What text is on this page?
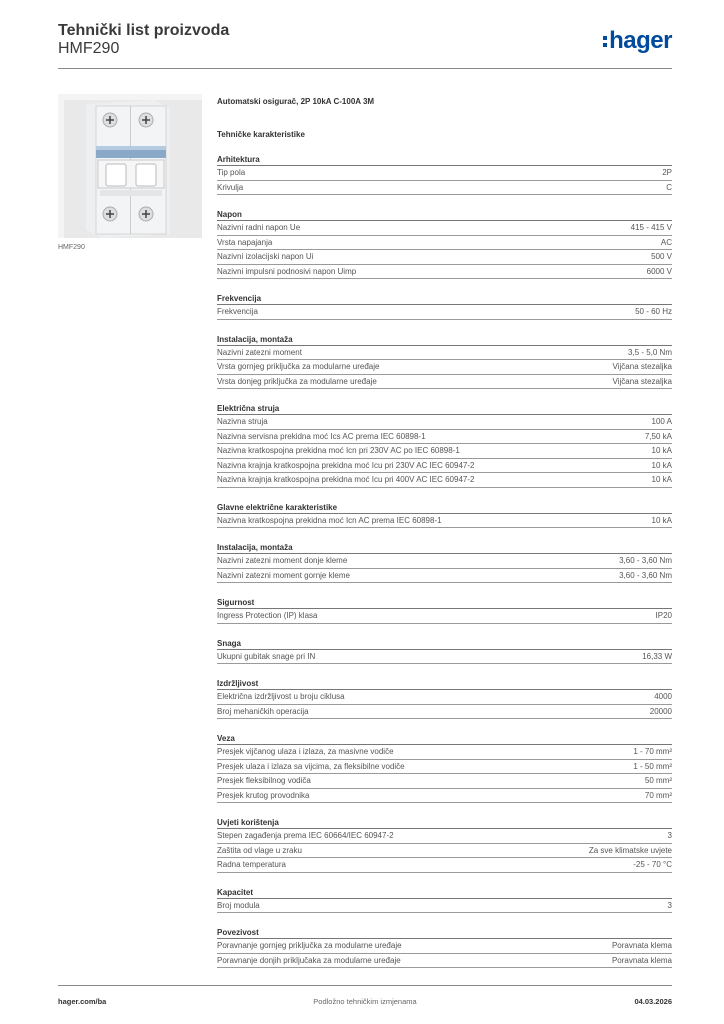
Tehnički list proizvoda
HMF290	hager
HMF290
Automatski osigurač, 2P 10kA C-100A 3M
Tehničke karakteristike
Arhitektura
Tip pola	2P
Krivulja	C
Napon
Nazivni radni napon Ue	415 - 415 V
Vrsta napajanja	AC
Nazivni izolacijski napon Ui	500 V
Nazivni impulsni podnosivi napon Uimp	6000 V
Frekvencija
Frekvencija	50 - 60 Hz
Instalacija, montaža
Nazivni zatezni moment	3,5 - 5,0 Nm
Vrsta gornjeg priključka za modularne uređaje	Vijčana stezaljka
Vrsta donjeg priključka za modularne uređaje	Vijčana stezaljka
Električna struja
Nazivna struja	100 A
Nazivna servisna prekidna moć Ics AC prema IEC 60898-1	7,50 kA
Nazivna kratkospojna prekidna moć Icn pri 230V AC po IEC 60898-1	10 kA
Nazivna krajnja kratkospojna prekidna moć Icu pri 230V AC IEC 60947-2	10 kA
Nazivna krajnja kratkospojna prekidna moć Icu pri 400V AC IEC 60947-2	10 kA
Glavne električne karakteristike
Nazivna kratkospojna prekidna moć Icn AC prema IEC 60898-1	10 kA
Instalacija, montaža
Nazivni zatezni moment donje kleme	3,60 - 3,60 Nm
Nazivni zatezni moment gornje kleme	3,60 - 3,60 Nm
Sigurnost
Ingress Protection (IP) klasa	IP20
Snaga
Ukupni gubitak snage pri IN	16,33 W
Izdržljivost
Električna izdržljivost u broju ciklusa	4000
Broj mehaničkih operacija	20000
Veza
Presjek vijčanog ulaza i izlaza, za masivne vodiče	1 - 70 mm²
Presjek ulaza i izlaza sa vijcima, za fleksibilne vodiče	1 - 50 mm²
Presjek fleksibilnog vodiča	50 mm²
Presjek krutog provodnika	70 mm²
Uvjeti korištenja
Stepen zagađenja prema IEC 60664/IEC 60947-2	3
Zaštita od vlage u zraku	Za sve klimatske uvjete
Radna temperatura	-25 - 70 °C
Kapacitet
Broj modula	3
Povezivost
Poravnanje gornjeg priključka za modularne uređaje	Poravnata klema
Poravnanje donjih priključaka za modularne uređaje	Poravnata klema
hager.com/ba	Podložno tehničkim izmjenama	04.03.2026
